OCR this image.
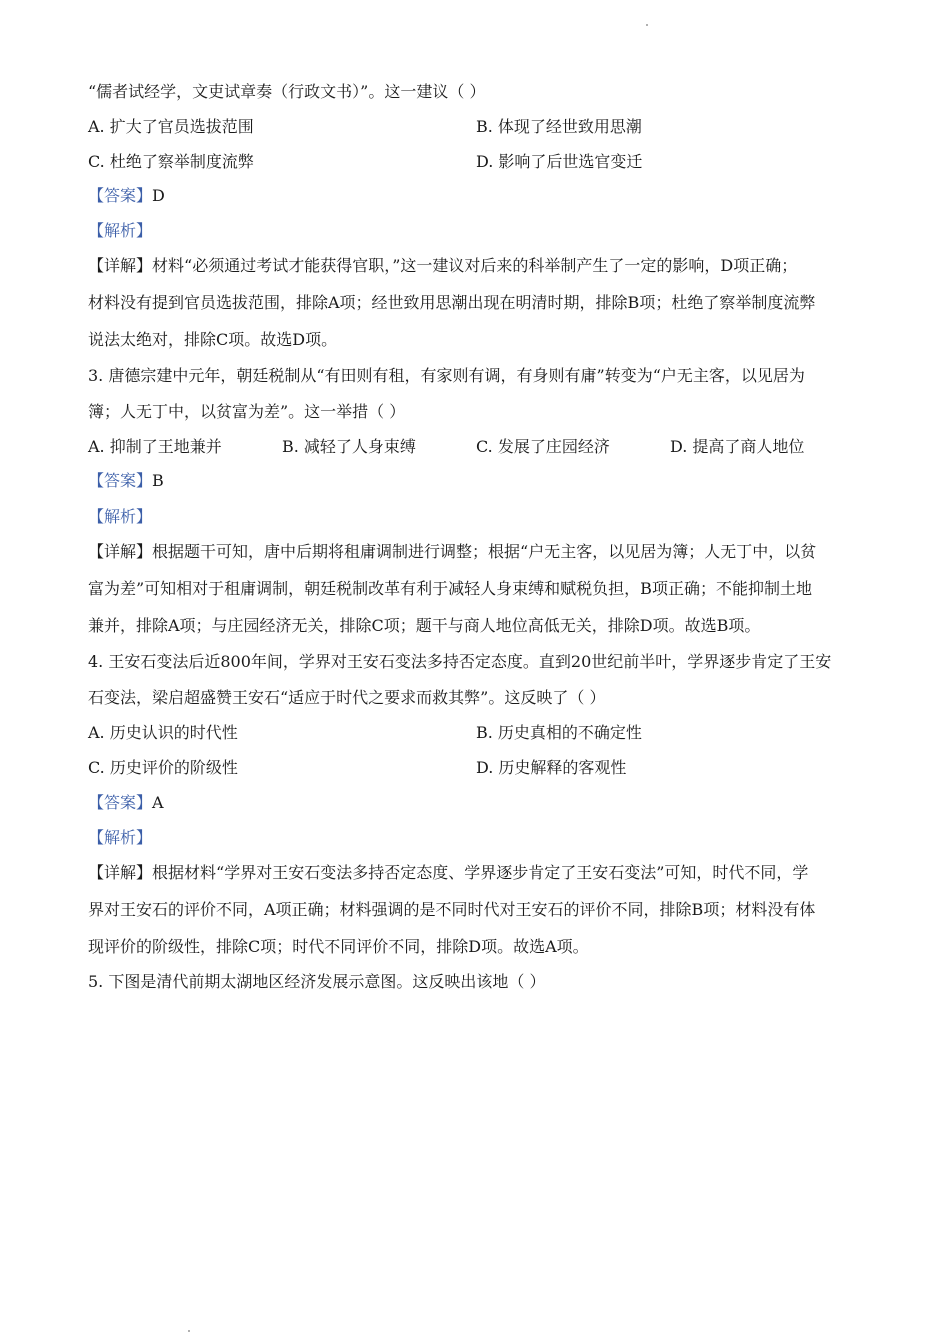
“儒者试经学，文吏试章奏（行政文书）”。这一建议（ ）
A. 扩大了官员选拔范围	B. 体现了经世致用思潮
C. 杜绝了察举制度流弊	D. 影响了后世选官变迁
【答案】D
【解析】
【详解】材料“必须通过考试才能获得官职，”这一建议对后来的科举制产生了一定的影响，D项正确；
材料没有提到官员选拔范围，排除A项；经世致用思潮出现在明清时期，排除B项；杜绝了察举制度流弊
说法太绝对，排除C项。故选D项。
3. 唐德宗建中元年，朝廷税制从“有田则有租，有家则有调，有身则有庸”转变为“户无主客，以见居为
簿；人无丁中，以贫富为差”。这一举措（ ）
A. 抑制了王地兼并	B. 减轻了人身束缚	C. 发展了庄园经济	D. 提高了商人地位
【答案】B
【解析】
【详解】根据题干可知，唐中后期将租庸调制进行调整；根据“户无主客，以见居为簿；人无丁中，以贫
富为差”可知相对于租庸调制，朝廷税制改革有利于减轻人身束缚和赋税负担，B项正确；不能抑制土地
兼并，排除A项；与庄园经济无关，排除C项；题干与商人地位高低无关，排除D项。故选B项。
4. 王安石变法后近800年间，学界对王安石变法多持否定态度。直到20世纪前半叶，学界逐步肯定了王安
石变法，梁启超盛赞王安石“适应于时代之要求而救其弊”。这反映了（ ）
A. 历史认识的时代性	B. 历史真相的不确定性
C. 历史评价的阶级性	D. 历史解释的客观性
【答案】A
【解析】
【详解】根据材料“学界对王安石变法多持否定态度、学界逐步肯定了王安石变法”可知，时代不同，学
界对王安石的评价不同，A项正确；材料强调的是不同时代对王安石的评价不同，排除B项；材料没有体
现评价的阶级性，排除C项；时代不同评价不同，排除D项。故选A项。
5. 下图是清代前期太湖地区经济发展示意图。这反映出该地（ ）
